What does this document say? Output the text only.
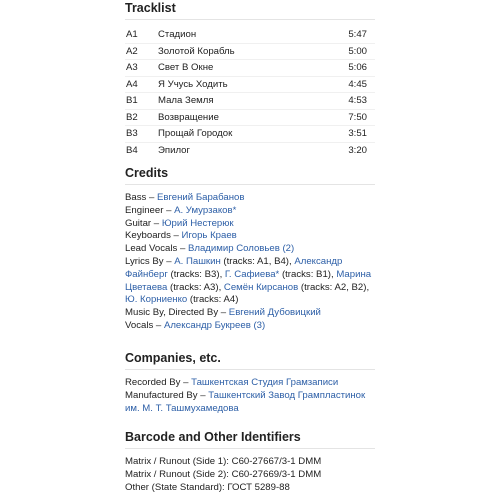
Tracklist
A1 Стадион	5:47
A2 Золотой Корабль	5:00
A3 Свет В Окне	5:06
A4 Я Учусь Ходить	4:45
B1 Мала Земля	4:53
B2 Возвращение	7:50
B3 Прощай Городок	3:51
B4 Эпилог	3:20
Credits
Bass – Евгений Барабанов
Engineer – А. Умурзаков*
Guitar – Юрий Нестерюк
Keyboards – Игорь Краев
Lead Vocals – Владимир Соловьев (2)
Lyrics By – А. Пашкин (tracks: A1, B4), Александр Файнберг (tracks: B3), Г. Сафиева* (tracks: B1), Марина Цветаева (tracks: A3), Семён Кирсанов (tracks: A2, B2), Ю. Корниенко (tracks: A4)
Music By, Directed By – Евгений Дубовицкий
Vocals – Александр Букреев (3)
Companies, etc.
Recorded By – Ташкентская Студия Грамзаписи
Manufactured By – Ташкентский Завод Грампластинок им. М. Т. Ташмухамедова
Barcode and Other Identifiers
Matrix / Runout (Side 1): С60-27667/3-1 DMM
Matrix / Runout (Side 2): С60-27669/3-1 DMM
Other (State Standard): ГОСТ 5289-88
